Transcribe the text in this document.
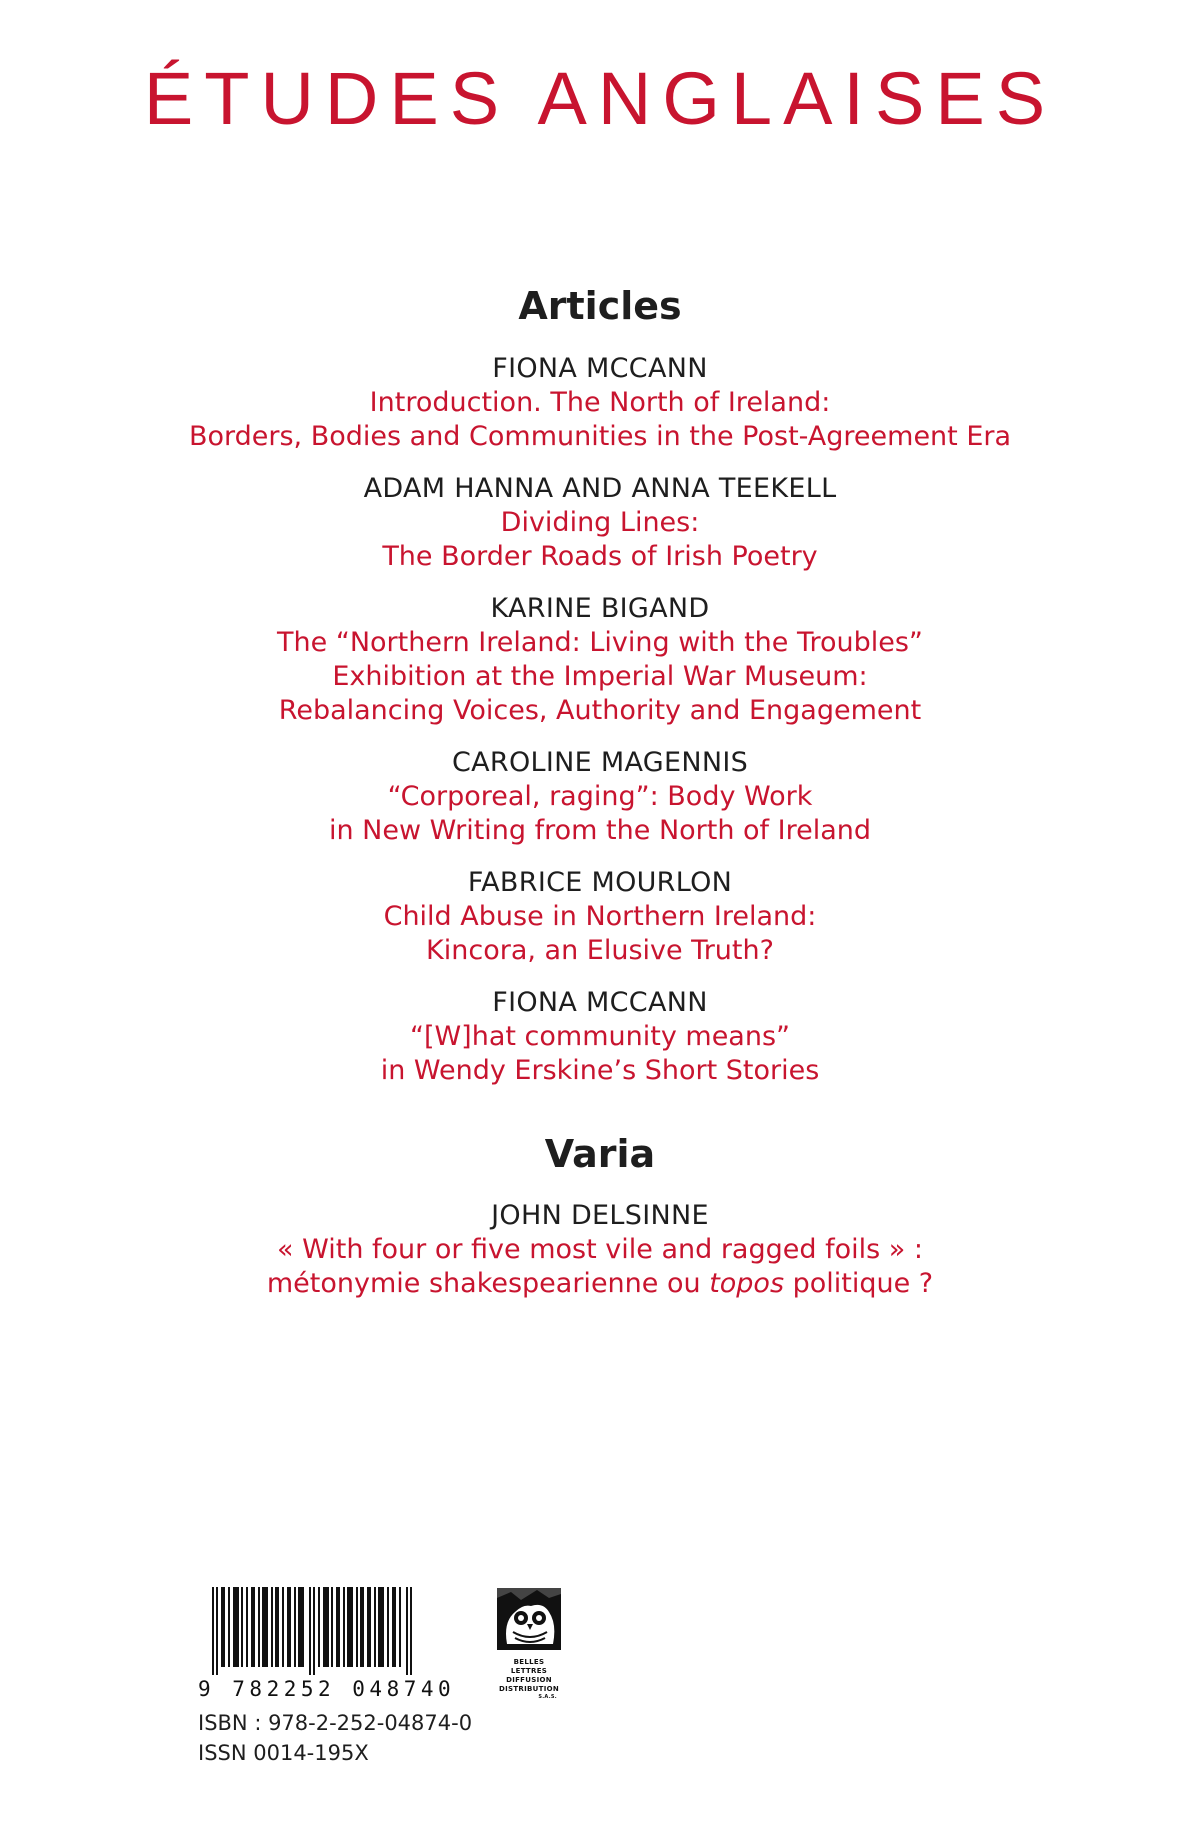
ÉTUDES ANGLAISES
Articles
FIONA MCCANN
Introduction. The North of Ireland:
Borders, Bodies and Communities in the Post-Agreement Era
ADAM HANNA AND ANNA TEEKELL
Dividing Lines:
The Border Roads of Irish Poetry
KARINE BIGAND
The “Northern Ireland: Living with the Troubles”
Exhibition at the Imperial War Museum:
Rebalancing Voices, Authority and Engagement
CAROLINE MAGENNIS
“Corporeal, raging”: Body Work
in New Writing from the North of Ireland
FABRICE MOURLON
Child Abuse in Northern Ireland:
Kincora, an Elusive Truth?
FIONA MCCANN
“[W]hat community means”
in Wendy Erskine’s Short Stories
Varia
JOHN DELSINNE
« With four or five most vile and ragged foils » :
métonymie shakespearienne ou topos politique ?
9 782252 048740
BELLES LETTRES
DIFFUSION
DISTRIBUTION
S.A.S.
ISBN : 978-2-252-04874-0
ISSN 0014-195X
